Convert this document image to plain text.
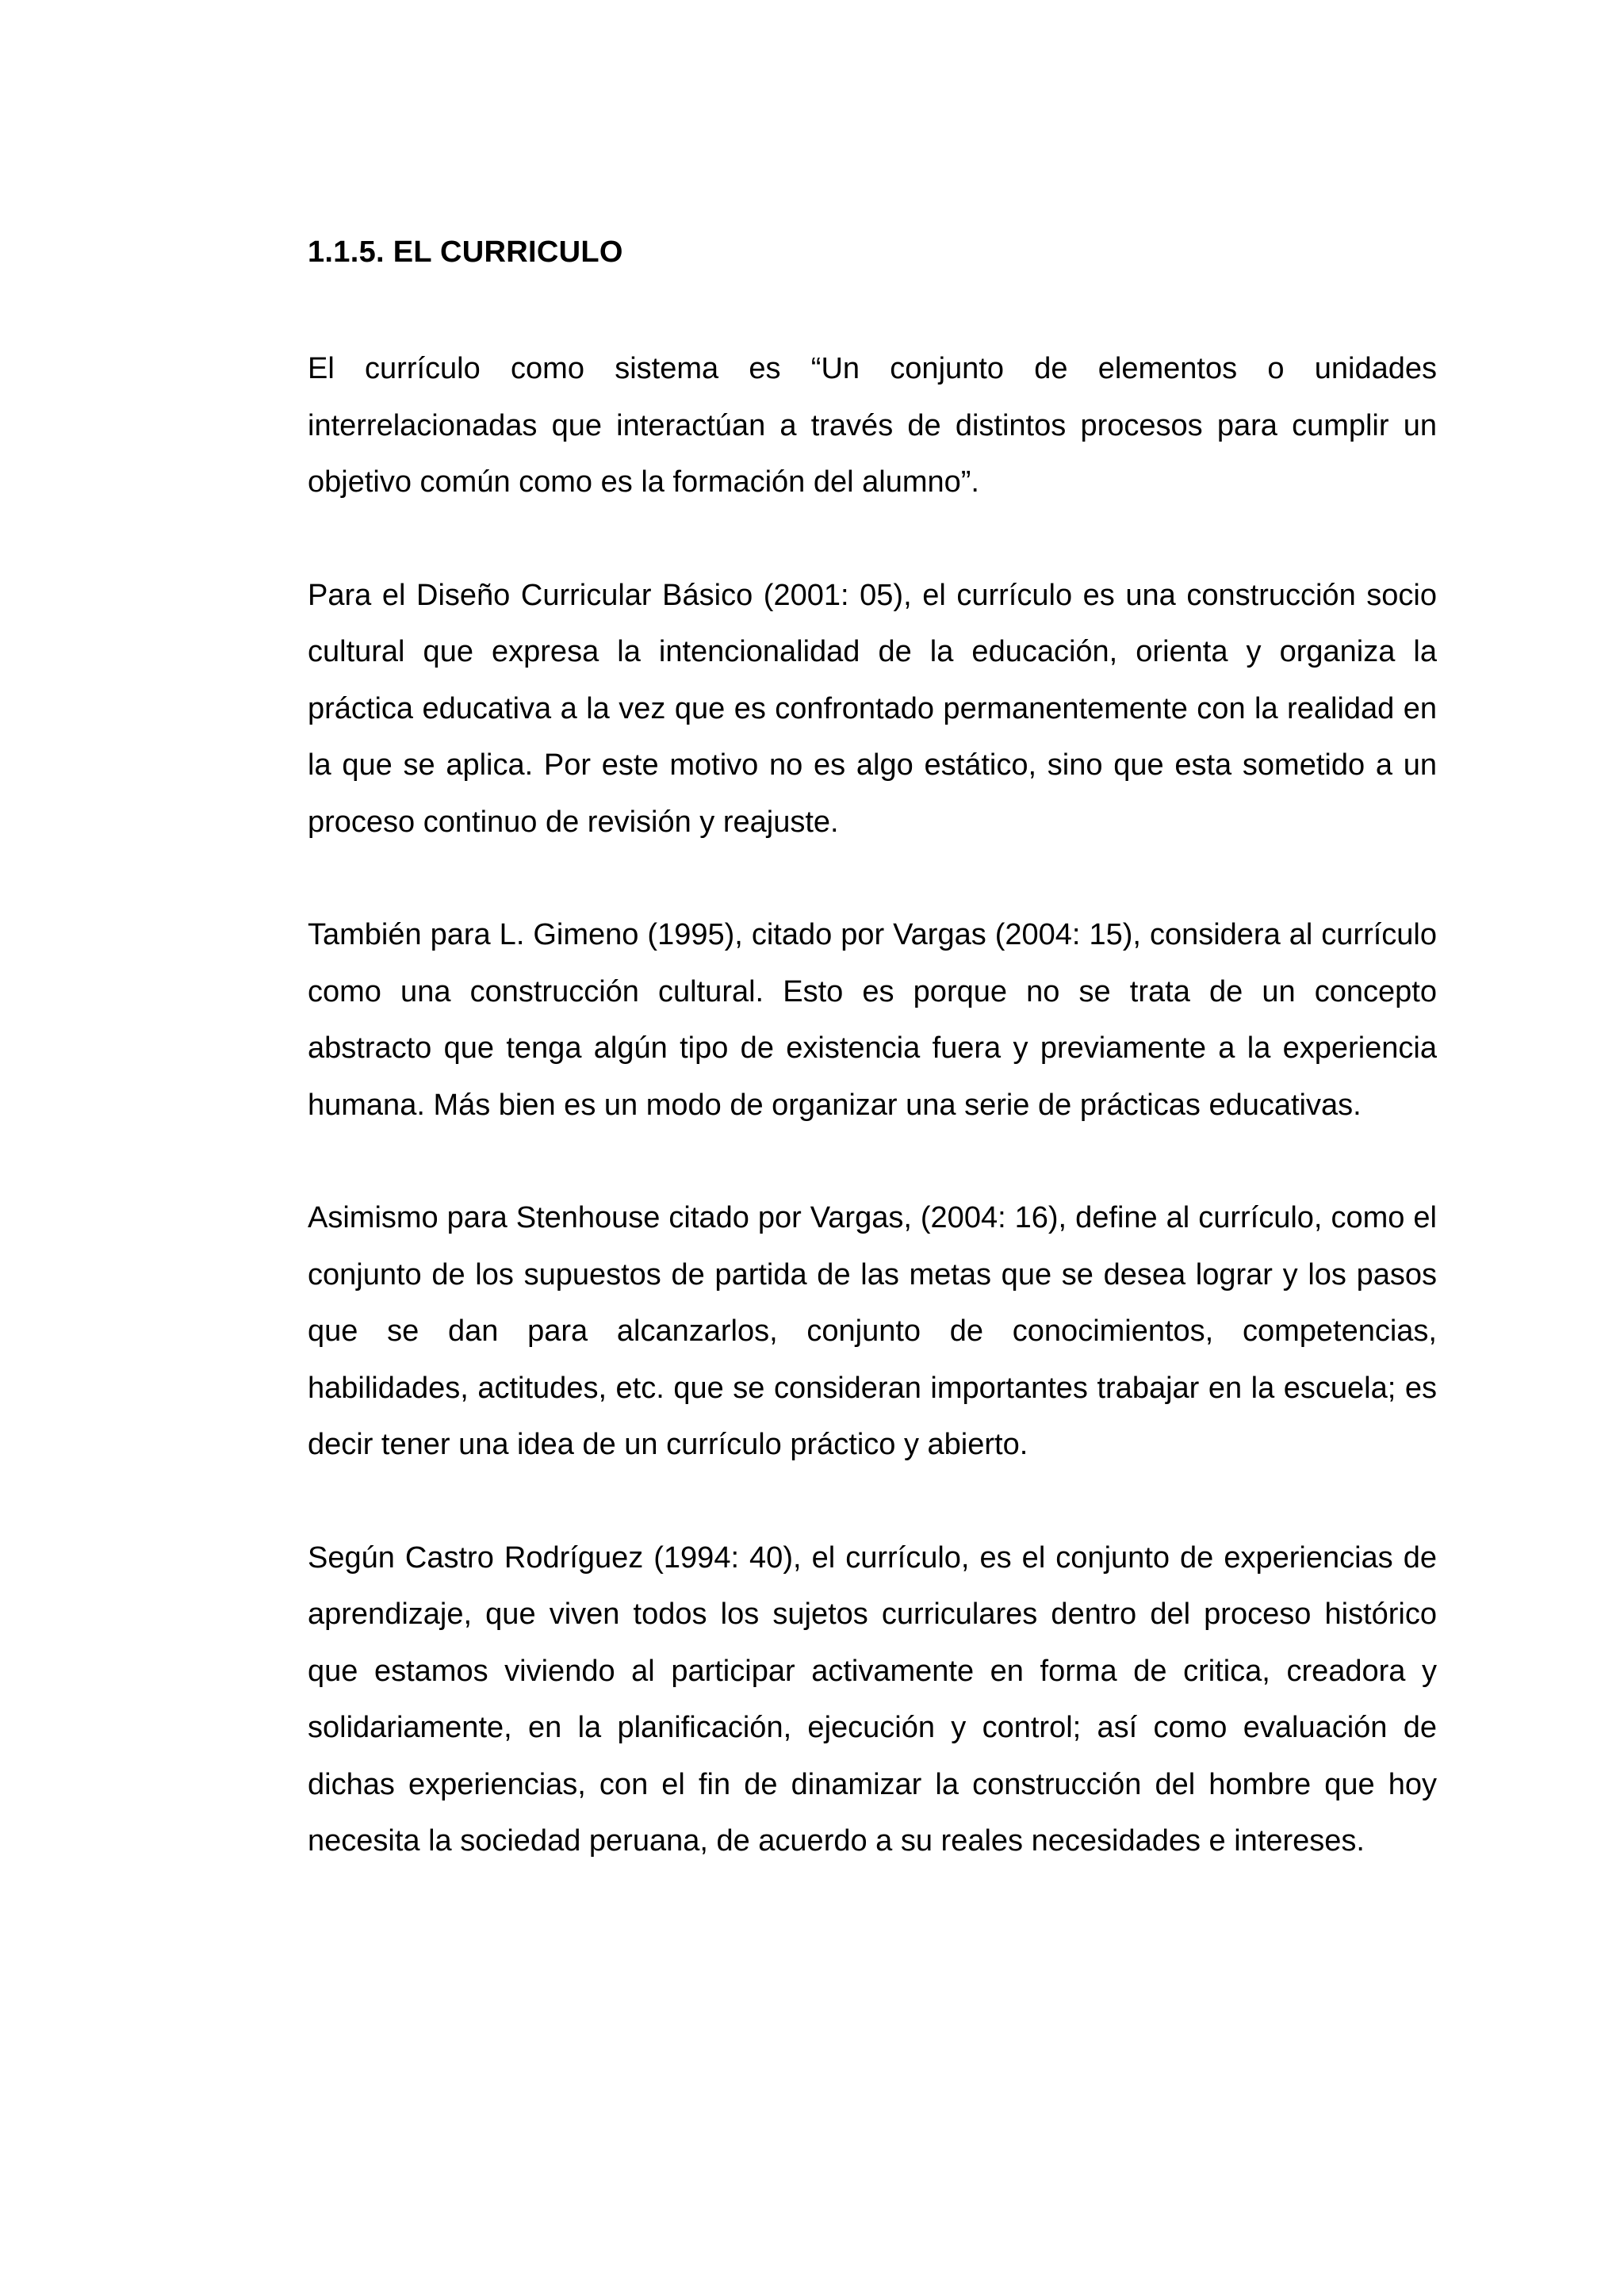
1.1.5. EL CURRICULO

El currículo como sistema es “Un conjunto de elementos o unidades interrelacionadas que interactúan a través de distintos procesos para cumplir un objetivo común como es la formación del alumno”.

Para el Diseño Curricular Básico (2001: 05), el currículo es una construcción socio cultural que expresa la intencionalidad de la educación, orienta y organiza la práctica educativa a la vez que es confrontado permanentemente con la realidad en la que se aplica. Por este motivo no es algo estático, sino que esta sometido a un proceso continuo de revisión y reajuste.

También para L. Gimeno (1995), citado por Vargas (2004: 15), considera al currículo como una construcción cultural. Esto es porque no se trata de un concepto abstracto que tenga algún tipo de existencia fuera y previamente a la experiencia humana. Más bien es un modo de organizar una serie de prácticas educativas.

Asimismo para Stenhouse citado por Vargas, (2004: 16), define al currículo, como el conjunto de los supuestos de partida de las metas que se desea lograr y los pasos que se dan para alcanzarlos, conjunto de conocimientos, competencias, habilidades, actitudes, etc. que se consideran importantes trabajar en la escuela; es decir tener una idea de un currículo práctico y abierto.

Según Castro Rodríguez (1994: 40), el currículo, es el conjunto de experiencias de aprendizaje, que viven todos los sujetos curriculares dentro del proceso histórico que estamos viviendo al participar activamente en forma de critica, creadora y solidariamente, en la planificación, ejecución y control; así como evaluación de dichas experiencias, con el fin de dinamizar la construcción del hombre que hoy necesita la sociedad peruana, de acuerdo a su reales necesidades e intereses.
